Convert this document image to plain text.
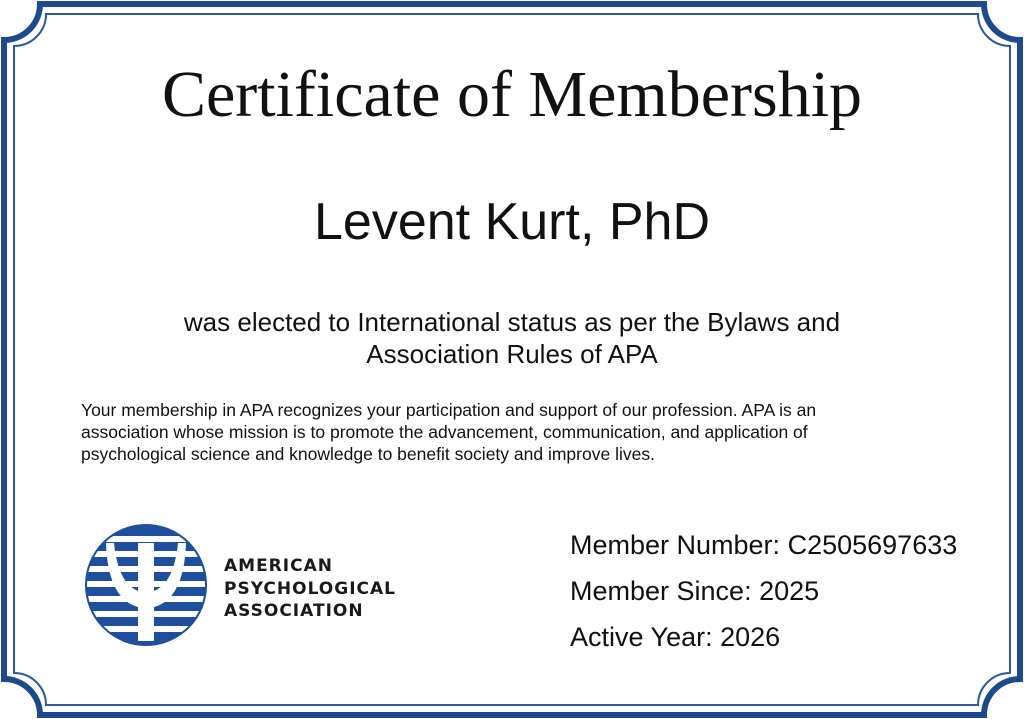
Certificate of Membership
Levent Kurt, PhD
was elected to International status as per the Bylaws and
Association Rules of APA
Your membership in APA recognizes your participation and support of our profession. APA is an
association whose mission is to promote the advancement, communication, and application of
psychological science and knowledge to benefit society and improve lives.
AMERICAN
PSYCHOLOGICAL
ASSOCIATION
Member Number: C2505697633
Member Since: 2025
Active Year: 2026
